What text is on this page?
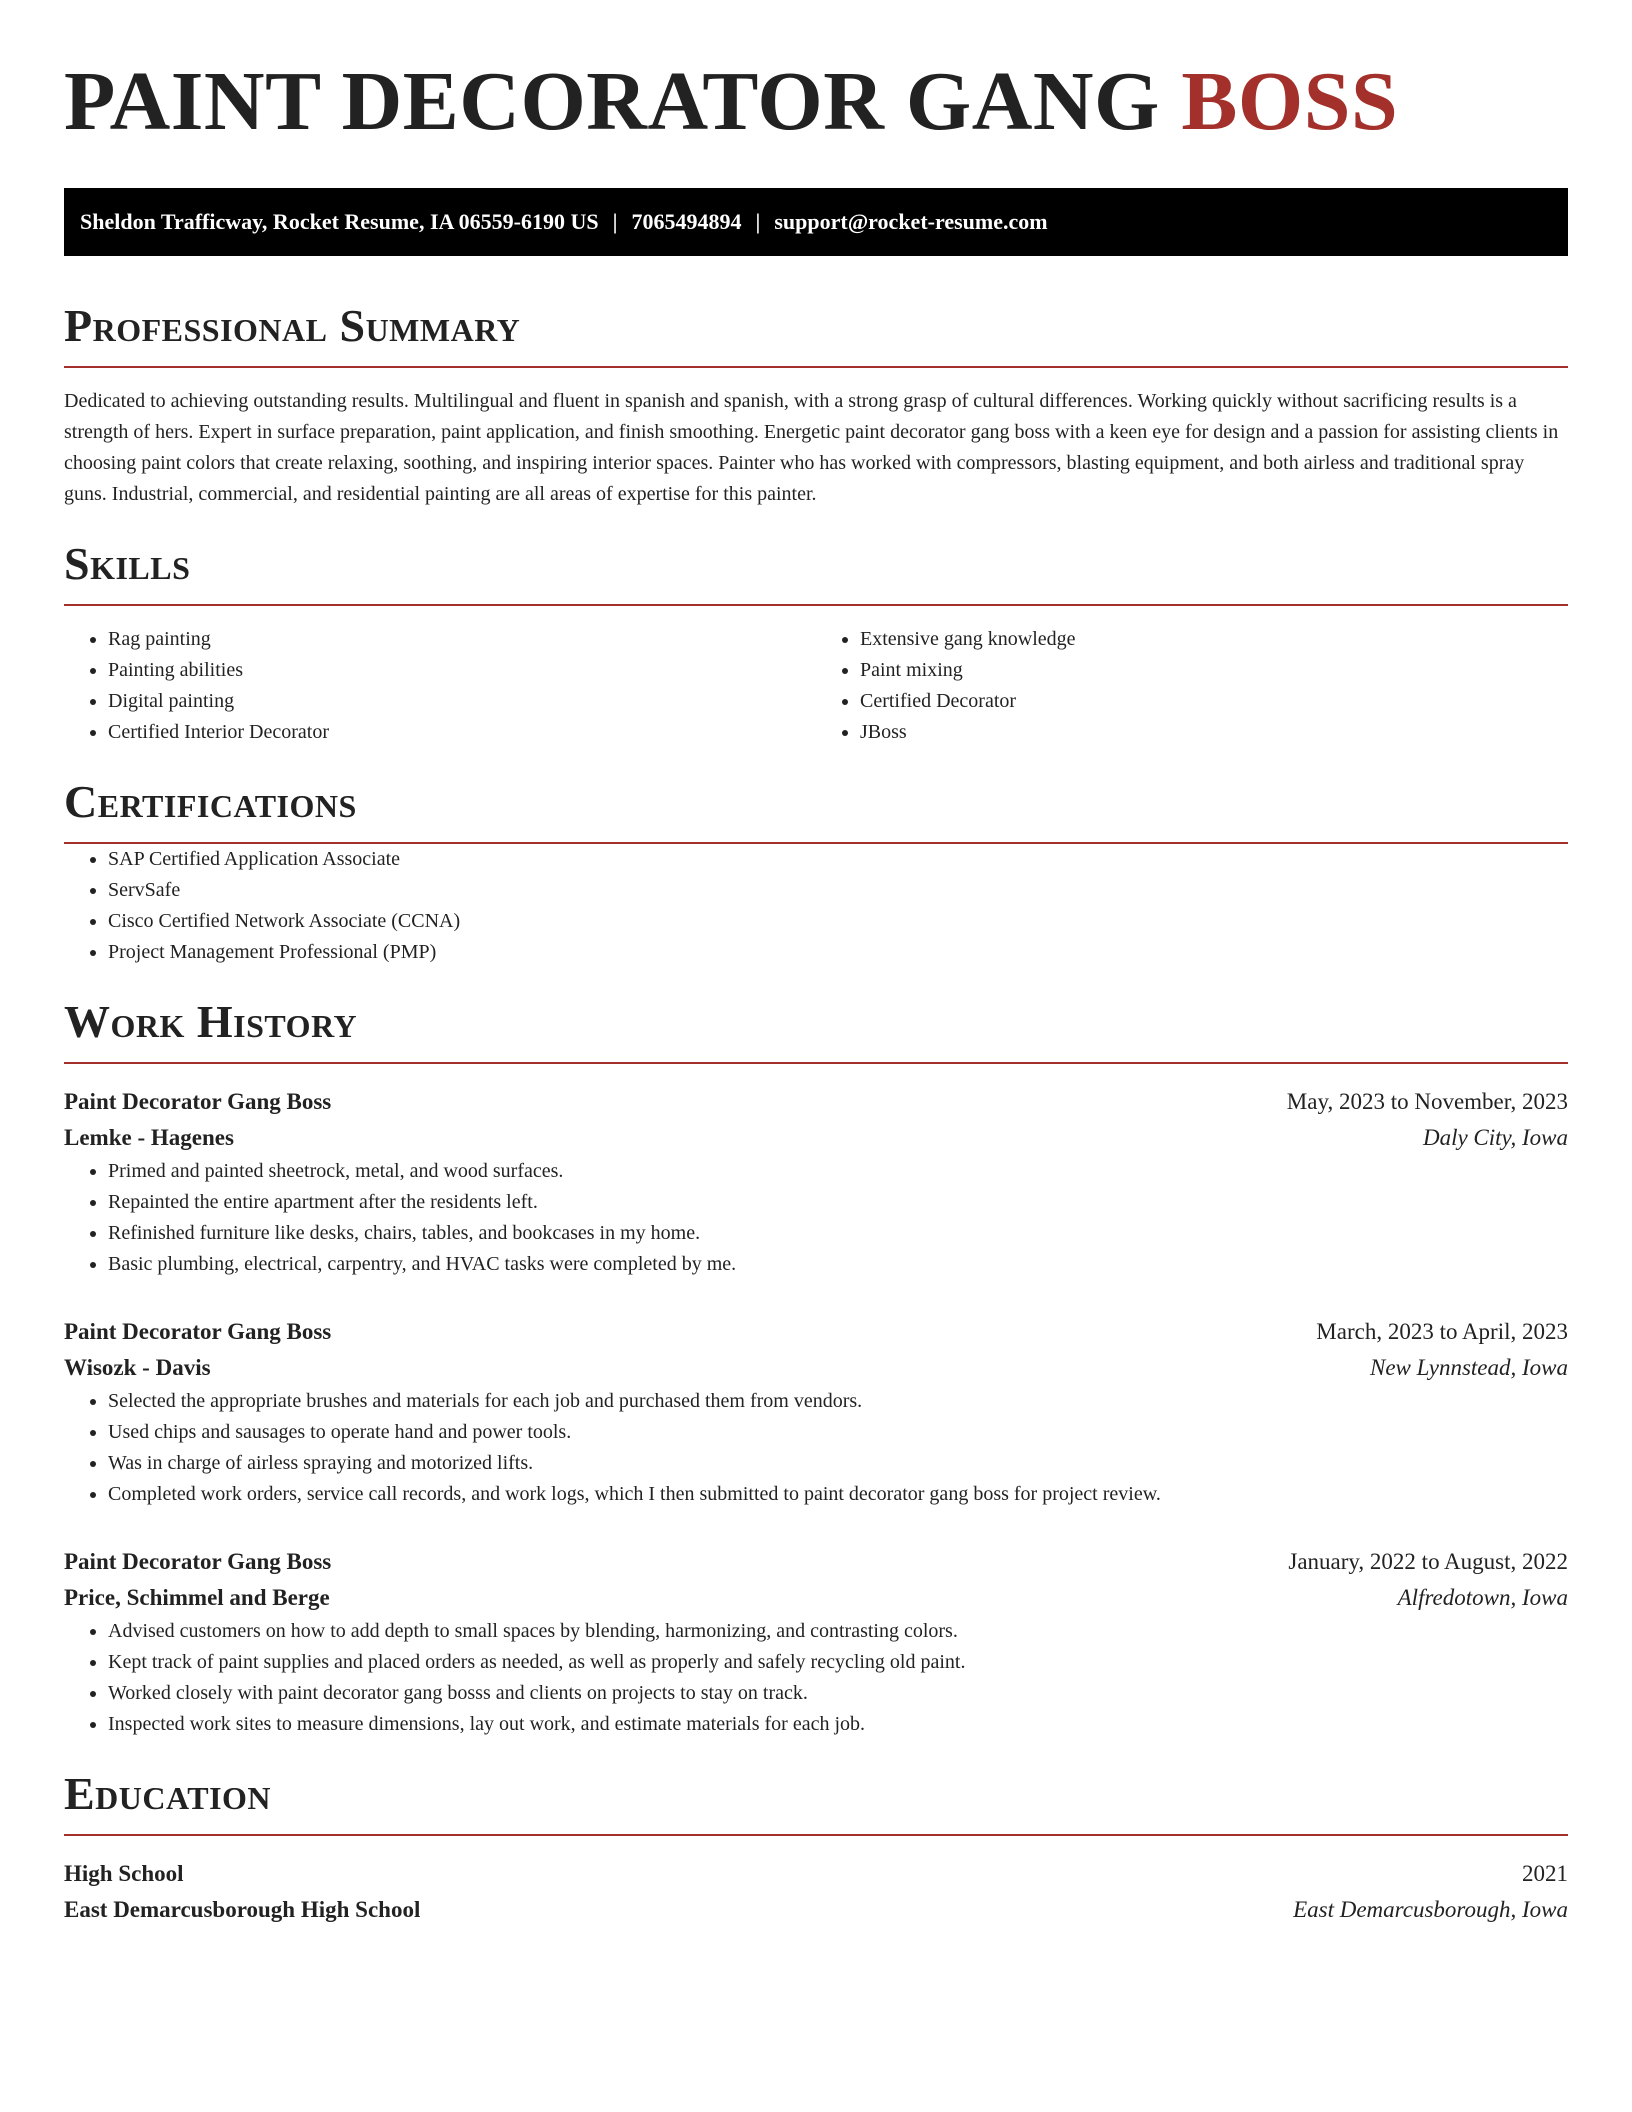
PAINT DECORATOR GANG BOSS
Sheldon Trafficway, Rocket Resume, IA 06559-6190 US | 7065494894 | support@rocket-resume.com
Professional Summary

Dedicated to achieving outstanding results. Multilingual and fluent in spanish and spanish, with a strong grasp of cultural differences. Working quickly without sacrificing results is a strength of hers. Expert in surface preparation, paint application, and finish smoothing. Energetic paint decorator gang boss with a keen eye for design and a passion for assisting clients in choosing paint colors that create relaxing, soothing, and inspiring interior spaces. Painter who has worked with compressors, blasting equipment, and both airless and traditional spray guns. Industrial, commercial, and residential painting are all areas of expertise for this painter.

Skills
• Rag painting
• Painting abilities
• Digital painting
• Certified Interior Decorator
• Extensive gang knowledge
• Paint mixing
• Certified Decorator
• JBoss
Certifications
• SAP Certified Application Associate
• ServSafe
• Cisco Certified Network Associate (CCNA)
• Project Management Professional (PMP)
Work History
Paint Decorator Gang Boss	May, 2023 to November, 2023
Lemke - Hagenes	Daly City, Iowa
• Primed and painted sheetrock, metal, and wood surfaces.
• Repainted the entire apartment after the residents left.
• Refinished furniture like desks, chairs, tables, and bookcases in my home.
• Basic plumbing, electrical, carpentry, and HVAC tasks were completed by me.
Paint Decorator Gang Boss	March, 2023 to April, 2023
Wisozk - Davis	New Lynnstead, Iowa
• Selected the appropriate brushes and materials for each job and purchased them from vendors.
• Used chips and sausages to operate hand and power tools.
• Was in charge of airless spraying and motorized lifts.
• Completed work orders, service call records, and work logs, which I then submitted to paint decorator gang boss for project review.
Paint Decorator Gang Boss	January, 2022 to August, 2022
Price, Schimmel and Berge	Alfredotown, Iowa
• Advised customers on how to add depth to small spaces by blending, harmonizing, and contrasting colors.
• Kept track of paint supplies and placed orders as needed, as well as properly and safely recycling old paint.
• Worked closely with paint decorator gang bosss and clients on projects to stay on track.
• Inspected work sites to measure dimensions, lay out work, and estimate materials for each job.
Education
High School	2021
East Demarcusborough High School	East Demarcusborough, Iowa
